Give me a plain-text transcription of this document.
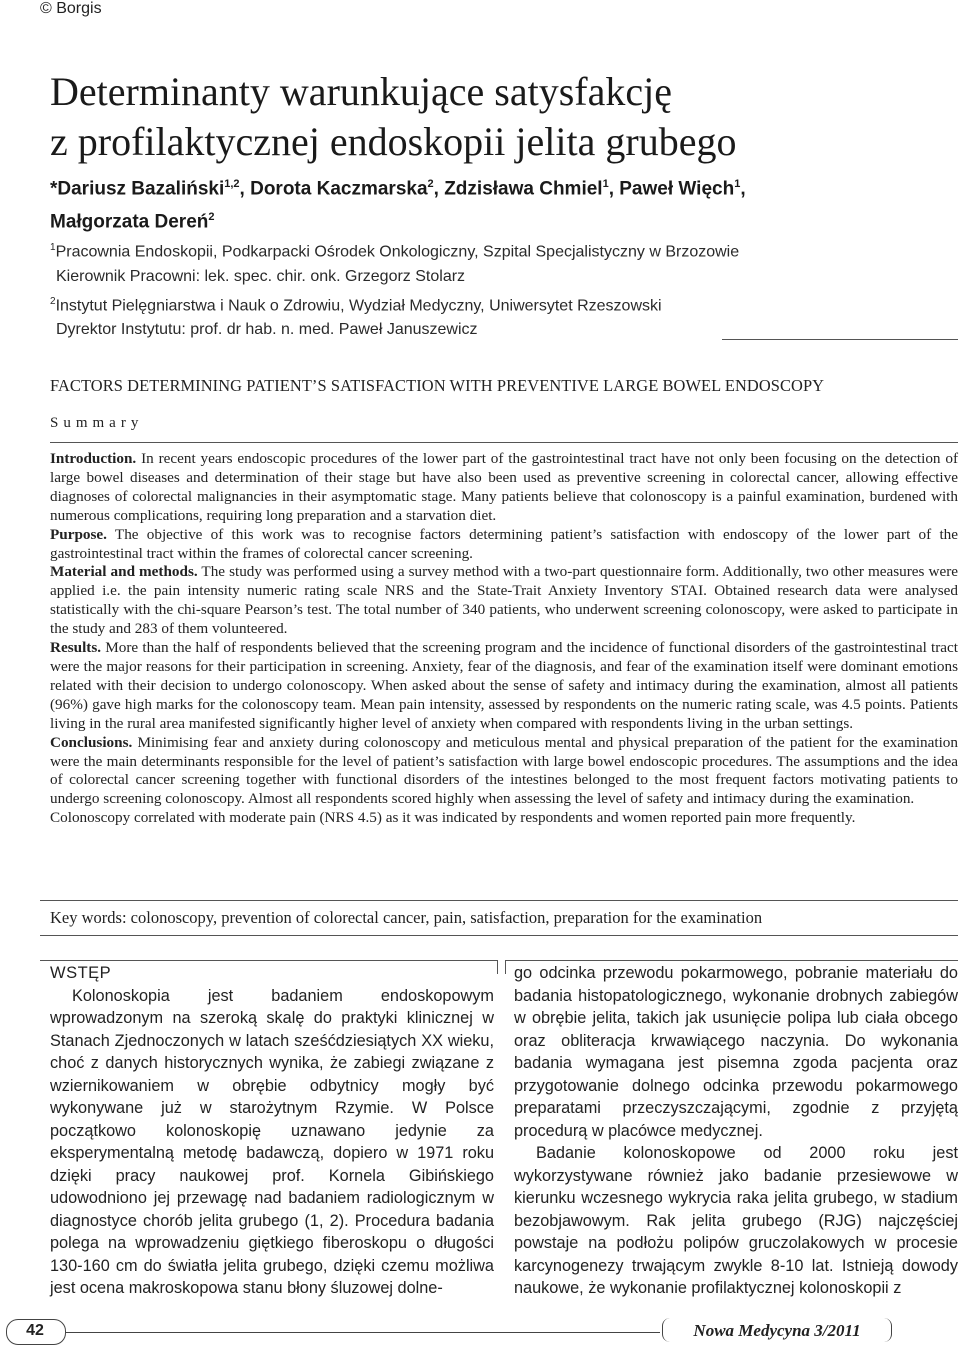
© Borgis
Determinanty warunkujące satysfakcję
z profilaktycznej endoskopii jelita grubego
*Dariusz Bazaliński$^{1,2}$, Dorota Kaczmarska$^2$, Zdzisława Chmiel$^1$, Paweł Więch$^1$,
Małgorzata Dereń$^2$
$^1$Pracownia Endoskopii, Podkarpacki Ośrodek Onkologiczny, Szpital Specjalistyczny w Brzozowie
Kierownik Pracowni: lek. spec. chir. onk. Grzegorz Stolarz
$^2$Instytut Pielęgniarstwa i Nauk o Zdrowiu, Wydział Medyczny, Uniwersytet Rzeszowski
Dyrektor Instytutu: prof. dr hab. n. med. Paweł Januszewicz
FACTORS DETERMINING PATIENT’S SATISFACTION WITH PREVENTIVE LARGE BOWEL ENDOSCOPY
Summary

Introduction. In recent years endoscopic procedures of the lower part of the gastrointestinal tract have not only been focusing on the detection of large bowel diseases and determination of their stage but have also been used as preventive screening in colorectal cancer, allowing effective diagnoses of colorectal malignancies in their asymptomatic stage. Many patients believe that colonoscopy is a painful examination, burdened with numerous complications, requiring long preparation and a starvation diet.

Purpose. The objective of this work was to recognise factors determining patient’s satisfaction with endoscopy of the lower part of the gastrointestinal tract within the frames of colorectal cancer screening.

Material and methods. The study was performed using a survey method with a two-part questionnaire form. Additionally, two other measures were applied i.e. the pain intensity numeric rating scale NRS and the State-Trait Anxiety Inventory STAI. Obtained research data were analysed statistically with the chi-square Pearson’s test. The total number of 340 patients, who underwent screening colonoscopy, were asked to participate in the study and 283 of them volunteered.

Results. More than the half of respondents believed that the screening program and the incidence of functional disorders of the gastrointestinal tract were the major reasons for their participation in screening. Anxiety, fear of the diagnosis, and fear of the examination itself were dominant emotions related with their decision to undergo colonoscopy. When asked about the sense of safety and intimacy during the examination, almost all patients (96%) gave high marks for the colonoscopy team. Mean pain intensity, assessed by respondents on the numeric rating scale, was 4.5 points. Patients living in the rural area manifested significantly higher level of anxiety when compared with respondents living in the urban settings.

Conclusions. Minimising fear and anxiety during colonoscopy and meticulous mental and physical preparation of the patient for the examination were the main determinants responsible for the level of patient’s satisfaction with large bowel endoscopic procedures. The assumptions and the idea of colorectal cancer screening together with functional disorders of the intestines belonged to the most frequent factors motivating patients to undergo screening colonoscopy. Almost all respondents scored highly when assessing the level of safety and intimacy during the examination.

Colonoscopy correlated with moderate pain (NRS 4.5) as it was indicated by respondents and women reported pain more frequently.

Key words: colonoscopy, prevention of colorectal cancer, pain, satisfaction, preparation for the examination

WSTĘP

Kolonoskopia jest badaniem endoskopowym wprowadzonym na szeroką skalę do praktyki klinicznej w Stanach Zjednoczonych w latach sześćdziesiątych XX wieku, choć z danych historycznych wynika, że zabiegi związane z wziernikowaniem w obrębie odbytnicy mogły być wykonywane już w starożytnym Rzymie. W Polsce początkowo kolonoskopię uznawano jedynie za eksperymentalną metodę badawczą, dopiero w 1971 roku dzięki pracy naukowej prof. Kornela Gibińskiego udowodniono jej przewagę nad badaniem radiologicznym w diagnostyce chorób jelita grubego (1, 2). Procedura badania polega na wprowadzeniu giętkiego fiberoskopu o długości 130-160 cm do światła jelita grubego, dzięki czemu możliwa jest ocena makroskopowa stanu błony śluzowej dolne-

go odcinka przewodu pokarmowego, pobranie materiału do badania histopatologicznego, wykonanie drobnych zabiegów w obrębie jelita, takich jak usunięcie polipa lub ciała obcego oraz obliteracja krwawiącego naczynia. Do wykonania badania wymagana jest pisemna zgoda pacjenta oraz przygotowanie dolnego odcinka przewodu pokarmowego preparatami przeczyszczającymi, zgodnie z przyjętą procedurą w placówce medycznej.

Badanie kolonoskopowe od 2000 roku jest wykorzystywane również jako badanie przesiewowe w kierunku wczesnego wykrycia raka jelita grubego, w stadium bezobjawowym. Rak jelita grubego (RJG) najczęściej powstaje na podłożu polipów gruczolakowych w procesie karcynogenezy trwającym zwykle 8-10 lat. Istnieją dowody naukowe, że wykonanie profilaktycznej kolonoskopii z

42	Nowa Medycyna 3/2011
